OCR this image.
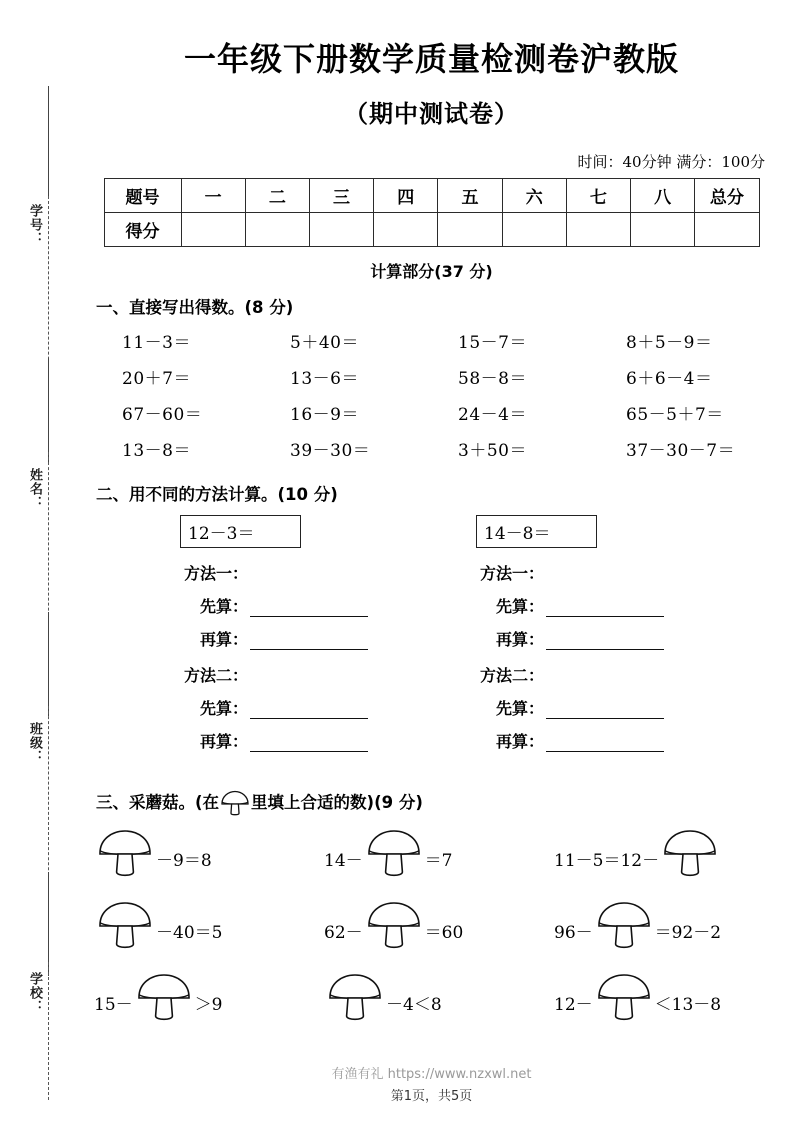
学号：
姓名：
班级：
学校：
一年级下册数学质量检测卷沪教版
（期中测试卷）
时间：40分钟 满分：100分
题号	一	二	三	四	五	六	七	八	总分
得分									
计算部分(37 分)
一、直接写出得数。(8 分)
11－3＝	5＋40＝	15－7＝	8＋5－9＝
20＋7＝	13－6＝	58－8＝	6＋6－4＝
67－60＝	16－9＝	24－4＝	65－5＋7＝
13－8＝	39－30＝	3＋50＝	37－30－7＝
二、用不同的方法计算。(10 分)
12－3＝
方法一：
先算：
再算：
方法二：
先算：
再算：
14－8＝
方法一：
先算：
再算：
方法二：
先算：
再算：
三、采蘑菇。(在 里填上合适的数)(9 分)
－9＝8	14－	＝7	11－5＝12－
－40＝5	62－	＝60	96－	＝92－2
15－	＞9	－4＜8	12－	＜13－8
有渔有礼 https://www.nzxwl.net
第1页，共5页
